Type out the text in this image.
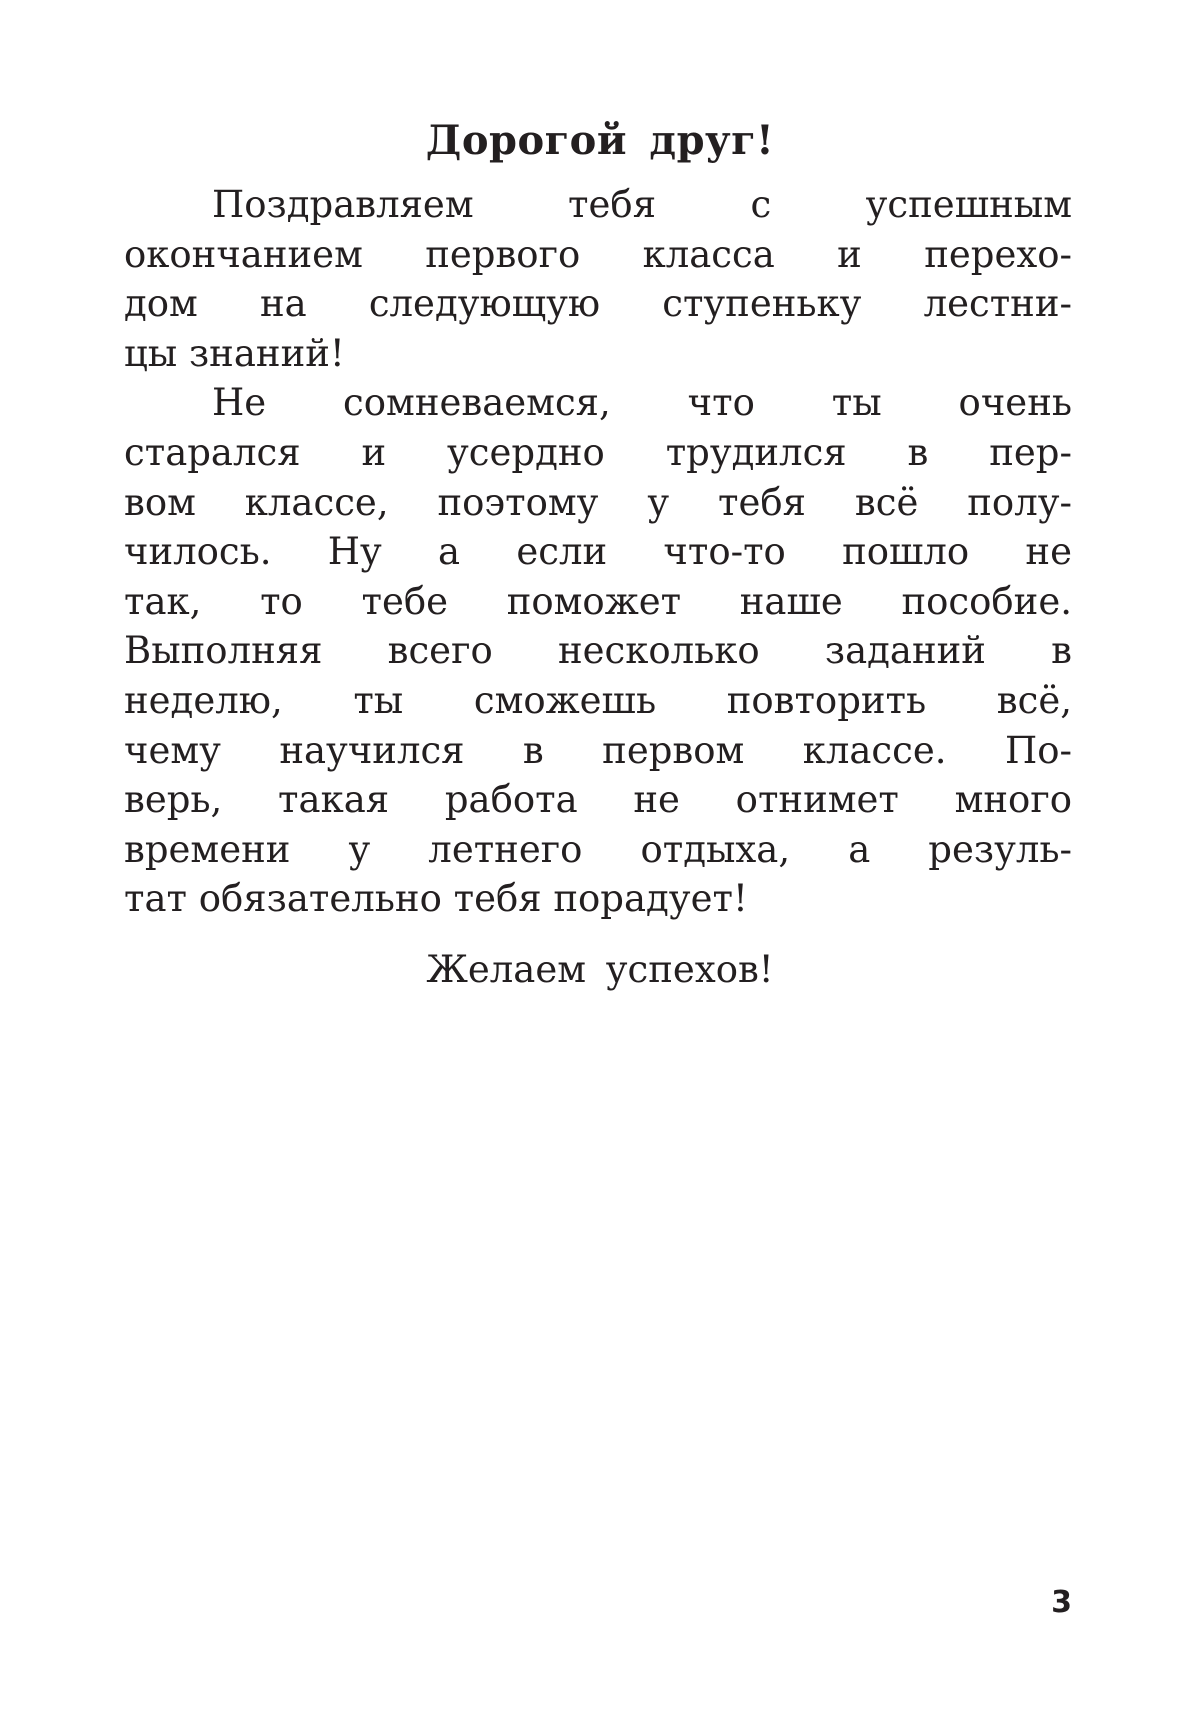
Дорогой друг!
Поздравляем тебя с успешным
окончанием первого класса и перехо-
дом на следующую ступеньку лестни-
цы знаний!
Не сомневаемся, что ты очень
старался и усердно трудился в пер-
вом классе, поэтому у тебя всё полу-
чилось. Ну а если что-то пошло не
так, то тебе поможет наше пособие.
Выполняя всего несколько заданий в
неделю, ты сможешь повторить всё,
чему научился в первом классе. По-
верь, такая работа не отнимет много
времени у летнего отдыха, а резуль-
тат обязательно тебя порадует!

Желаем успехов!

3
